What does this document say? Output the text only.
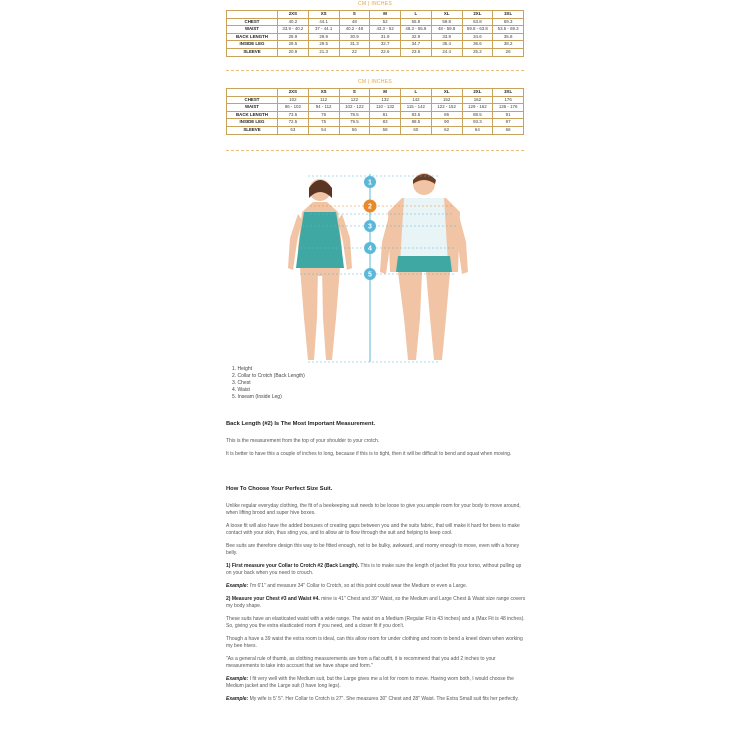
CM | INCHES
	2XS	XS	S	M	L	XL	2XL	3XL
CHEST	40.2	44.1	48	52	55.9	59.8	63.8	69.3
WAIST	33.9 - 40.2	37 - 44.1	40.2 - 48	43.3 - 52	48.3 - 55.9	48 - 59.8	59.8 - 63.8	53.5 - 69.3
BACK LENGTH	28.9	29.9	30.9	31.9	32.9	33.9	34.6	35.8
INSIDE LEG	28.5	29.5	31.3	32.7	34.7	35.4	36.6	38.2
SLEEVE	20.9	21.3	22	22.6	23.6	24.4	25.2	26
CM | INCHES
	2XS	XS	S	M	L	XL	2XL	3XL
CHEST	102	112	122	132	142	152	162	176
WAIST	86 - 102	94 - 112	102 - 122	110 - 132	115 - 142	122 - 152	129 - 162	136 - 176
BACK LENGTH	73.5	76	78.5	81	83.5	86	88.5	91
INSIDE LEG	72.5	75	79.5	83	88.5	90	93.3	97
SLEEVE	53	54	56	58	60	62	64	66
1
2
3
4
5
1. Height
2. Collar to Crotch (Back Length)
3. Chest
4. Waist
5. Inseam (Inside Leg)
Back Length (#2) Is The Most Important Measurement.

This is the measurement from the top of your shoulder to your crotch.

It is better to have this a couple of inches to long, because if this is to tight, then it will be difficult to bend and squat when moving.

How To Choose Your Perfect Size Suit.

Unlike regular everyday clothing, the fit of a beekeeping suit needs to be loose to give you ample room for your body to move around, when lifting brood and super hive boxes.

A loose fit will also have the added bonuses of creating gaps between you and the suits fabric, that will make it hard for bees to make contact with your skin, thus sting you, and to allow air to flow through the suit and helping to keep cool.

Bee suits are therefore design this way to be fitted enough, not to be bulky, awkward, and roomy enough to move, even with a honey belly.

1) First measure your Collar to Crotch #2 (Back Length). This is to make sure the length of jacket fits your torso, without pulling up on your back when you need to crouch.

Example: I'm 6'1" and measure 34" Collar to Crotch, so at this point could wear the Medium or even a Large.

2) Measure your Chest #3 and Waist #4. mine is 41" Chest and 39" Waist, so the Medium and Large Chest & Waist size range covers my body shape.

These suits have an elasticated waist with a wide range. The waist on a Medium (Regular Fit is 43 inches) and a (Max Fit is 48 inches). So, giving you the extra elasticated room if you need, and a closer fit if you don't.

Though a have a 39 waist the extra room is ideal, can this allow room for under clothing and room to bend a kneel down when working my bee hives.

"As a general rule of thumb, as clothing measurements are from a flat outfit, it is recommend that you add 2 inches to your measurements to take into account that we have shape and form."

Example: I fit very well with the Medium suit, but the Large gives me a lot for room to move. Having worn both, I would choose the Medium jacket and the Large suit (I have long legs).

Example: My wife is 5' 5". Her Collar to Crotch is 27". She measures 30" Chest and 28" Waist. The Extra Small suit fits her perfectly.
